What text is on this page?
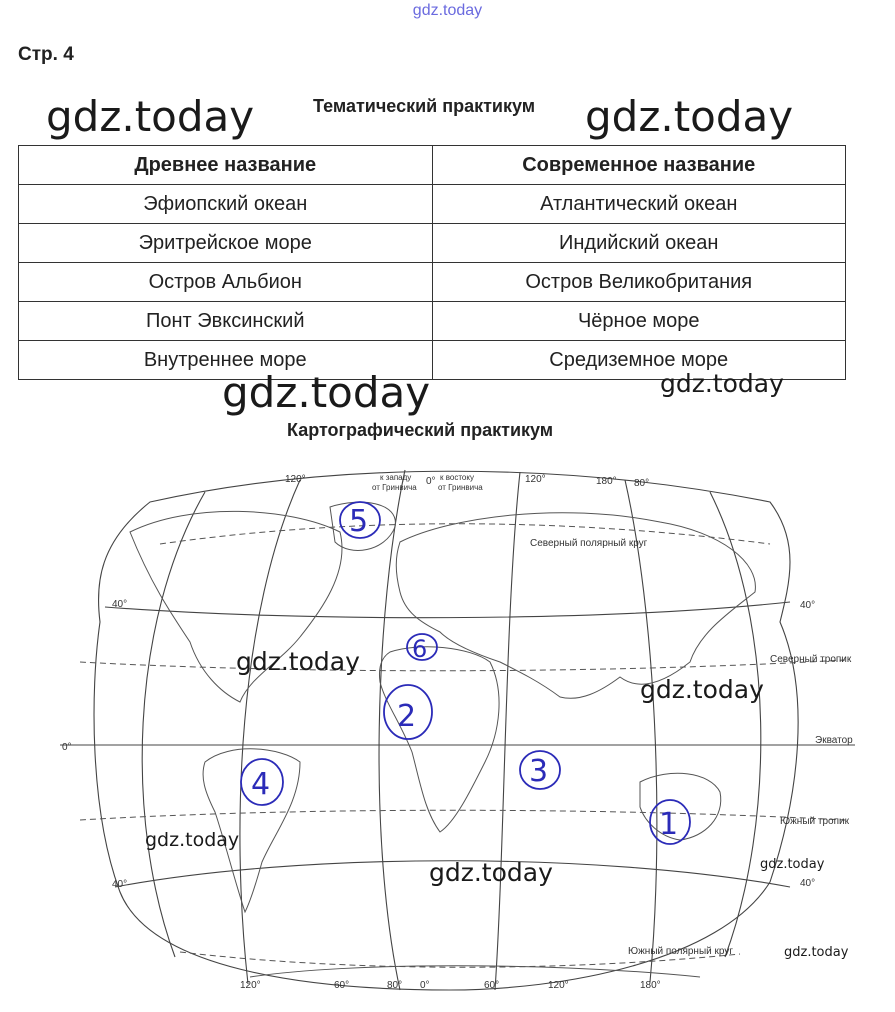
gdz.today
Стр. 4
gdz.today	Тематический практикум gdz.today
Древнее название	Современное название
Эфиопский океан	Атлантический океан
Эритрейское море	Индийский океан
Остров Альбион	Остров Великобритания
Понт Эвксинский	Чёрное море
Внутреннее море	Средиземное море
gdz.today	gdz.today
Картографический практикум
120°	к западу
от Гринвича
0° к востоку
от Гринвича
120°	180° 80°
Северный полярный круг
40°	40°
Северный тропик
0°
Экватор
Южный тропик
40°	40°
Южный полярный круг
120°	60°	80° 0°	60°	120°	180°
5
6
2
4	3
1
gdz.today
gdz.today
gdz.today
gdz.today	gdz.today
gdz.today
